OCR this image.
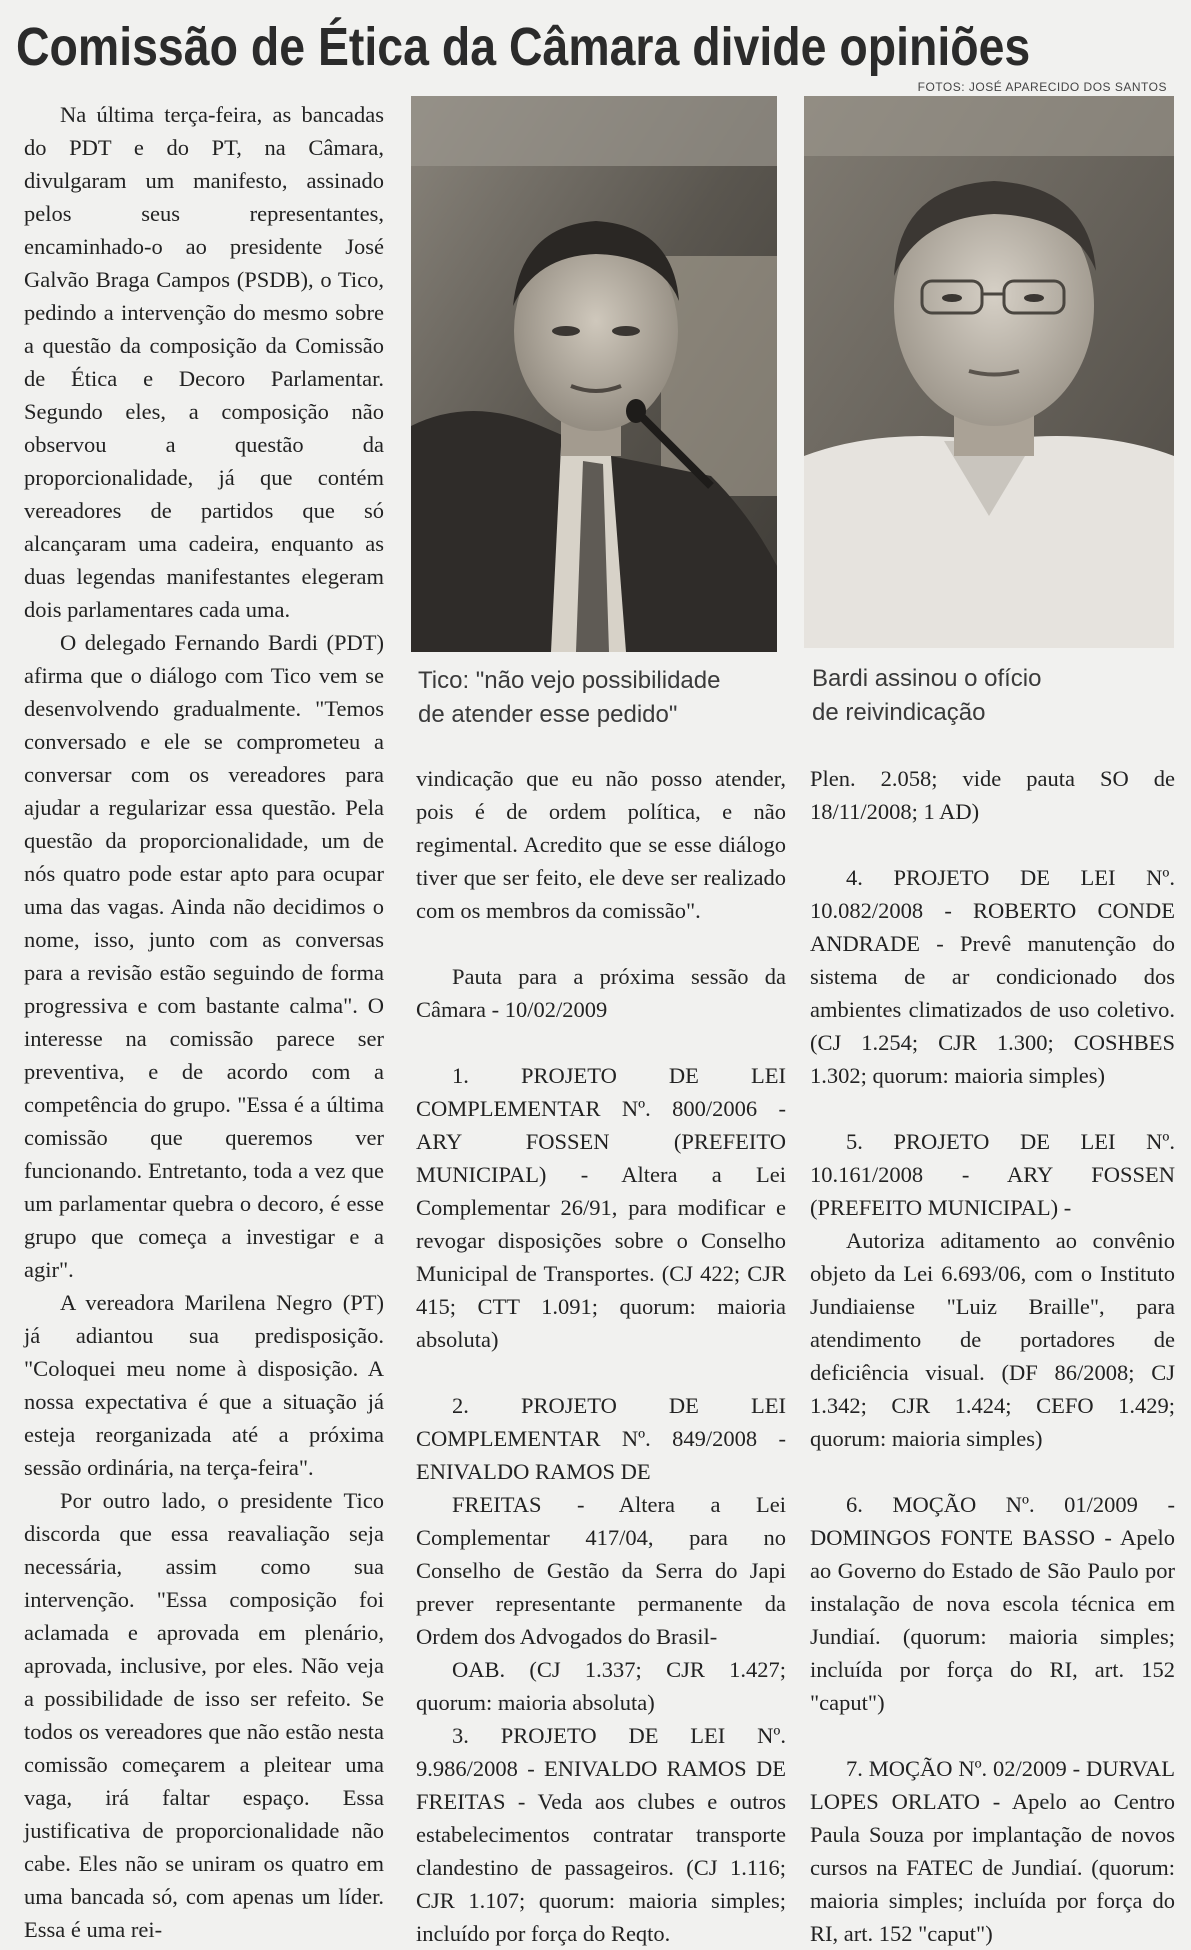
Comissão de Ética da Câmara divide opiniões
FOTOS: JOSÉ APARECIDO DOS SANTOS

Na última terça-feira, as bancadas do PDT e do PT, na Câmara, divulgaram um manifesto, assinado pelos seus representantes, encaminhado-o ao presidente José Galvão Braga Campos (PSDB), o Tico, pedindo a intervenção do mesmo sobre a questão da composição da Comissão de Ética e Decoro Parlamentar. Segundo eles, a composição não observou a questão da proporcionalidade, já que contém vereadores de partidos que só alcançaram uma cadeira, enquanto as duas legendas manifestantes elegeram dois parlamentares cada uma.

O delegado Fernando Bardi (PDT) afirma que o diálogo com Tico vem se desenvolvendo gradualmente. "Temos conversado e ele se comprometeu a conversar com os vereadores para ajudar a regularizar essa questão. Pela questão da proporcionalidade, um de nós quatro pode estar apto para ocupar uma das vagas. Ainda não decidimos o nome, isso, junto com as conversas para a revisão estão seguindo de forma progressiva e com bastante calma". O interesse na comissão parece ser preventiva, e de acordo com a competência do grupo. "Essa é a última comissão que queremos ver funcionando. Entretanto, toda a vez que um parlamentar quebra o decoro, é esse grupo que começa a investigar e a agir".

A vereadora Marilena Negro (PT) já adiantou sua predisposição. "Coloquei meu nome à disposição. A nossa expectativa é que a situação já esteja reorganizada até a próxima sessão ordinária, na terça-feira".

Por outro lado, o presidente Tico discorda que essa reavaliação seja necessária, assim como sua intervenção. "Essa composição foi aclamada e aprovada em plenário, aprovada, inclusive, por eles. Não veja a possibilidade de isso ser refeito. Se todos os vereadores que não estão nesta comissão começarem a pleitear uma vaga, irá faltar espaço. Essa justificativa de proporcionalidade não cabe. Eles não se uniram os quatro em uma bancada só, com apenas um líder. Essa é uma rei-

Tico: "não vejo possibilidade
de atender esse pedido"
Bardi assinou o ofício
de reivindicação

vindicação que eu não posso atender, pois é de ordem política, e não regimental. Acredito que se esse diálogo tiver que ser feito, ele deve ser realizado com os membros da comissão".

Pauta para a próxima sessão da Câmara - 10/02/2009

1. PROJETO DE LEI COMPLEMENTAR Nº. 800/2006 - ARY FOSSEN (PREFEITO MUNICIPAL) - Altera a Lei Complementar 26/91, para modificar e revogar disposições sobre o Conselho Municipal de Transportes. (CJ 422; CJR 415; CTT 1.091; quorum: maioria absoluta)

2. PROJETO DE LEI COMPLEMENTAR Nº. 849/2008 - ENIVALDO RAMOS DE

FREITAS - Altera a Lei Complementar 417/04, para no Conselho de Gestão da Serra do Japi prever representante permanente da Ordem dos Advogados do Brasil-

OAB. (CJ 1.337; CJR 1.427; quorum: maioria absoluta)

3. PROJETO DE LEI Nº. 9.986/2008 - ENIVALDO RAMOS DE FREITAS - Veda aos clubes e outros estabelecimentos contratar transporte clandestino de passageiros. (CJ 1.116; CJR 1.107; quorum: maioria simples; incluído por força do Reqto.

Plen. 2.058; vide pauta SO de 18/11/2008; 1 AD)

4. PROJETO DE LEI Nº. 10.082/2008 - ROBERTO CONDE ANDRADE - Prevê manutenção do sistema de ar condicionado dos ambientes climatizados de uso coletivo. (CJ 1.254; CJR 1.300; COSHBES 1.302; quorum: maioria simples)

5. PROJETO DE LEI Nº. 10.161/2008 - ARY FOSSEN (PREFEITO MUNICIPAL) -

Autoriza aditamento ao convênio objeto da Lei 6.693/06, com o Instituto Jundiaiense "Luiz Braille", para atendimento de portadores de deficiência visual. (DF 86/2008; CJ 1.342; CJR 1.424; CEFO 1.429; quorum: maioria simples)

6. MOÇÃO Nº. 01/2009 - DOMINGOS FONTE BASSO - Apelo ao Governo do Estado de São Paulo por instalação de nova escola técnica em Jundiaí. (quorum: maioria simples; incluída por força do RI, art. 152 "caput")

7. MOÇÃO Nº. 02/2009 - DURVAL LOPES ORLATO - Apelo ao Centro Paula Souza por implantação de novos cursos na FATEC de Jundiaí. (quorum: maioria simples; incluída por força do RI, art. 152 "caput")
